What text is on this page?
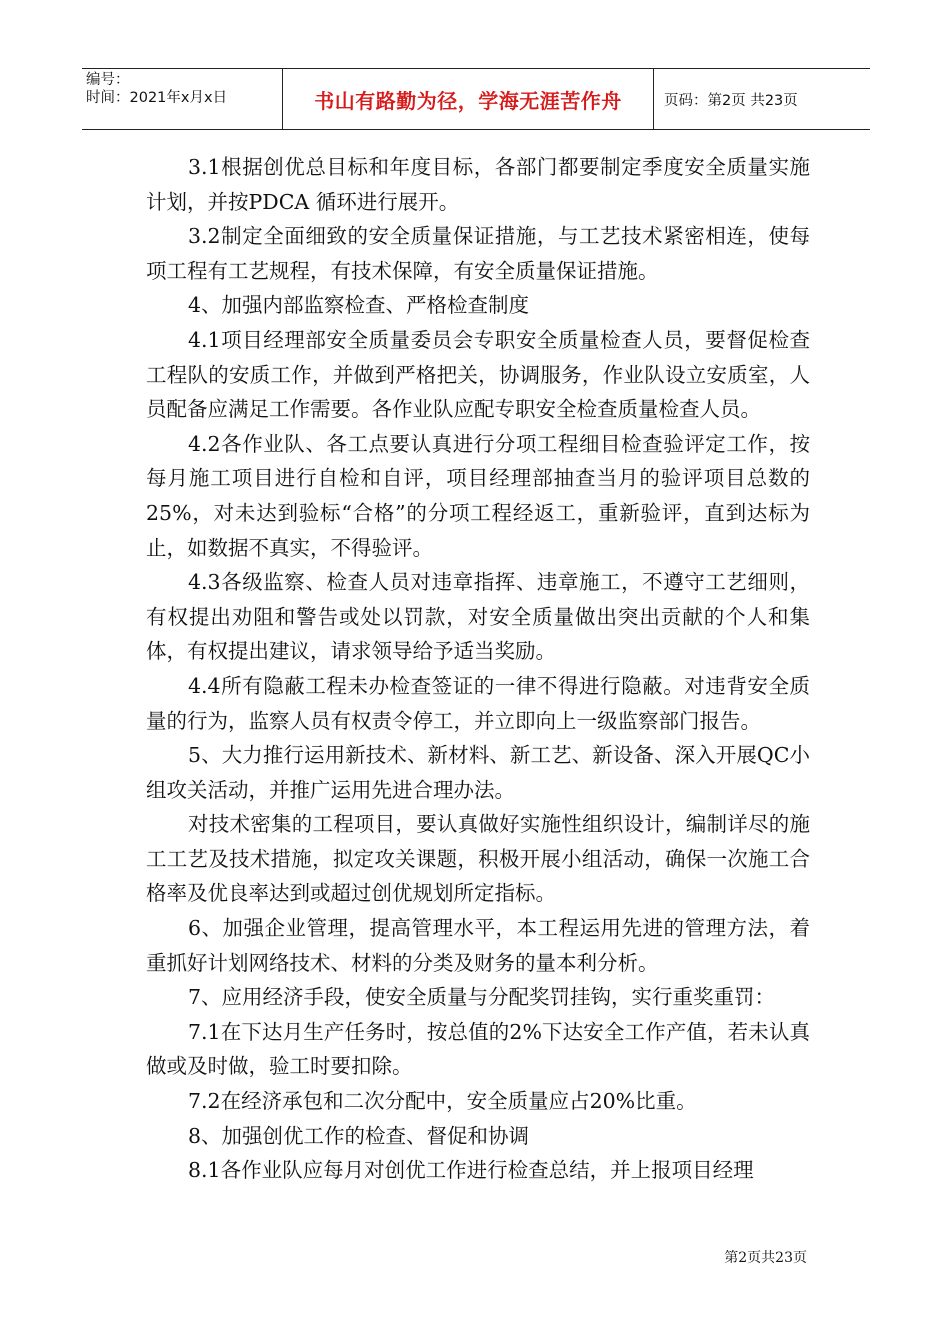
编号：
时间：2021年x月x日	书山有路勤为径，学海无涯苦作舟	页码：第2页 共23页

3.1根据创优总目标和年度目标，各部门都要制定季度安全质量实施计划，并按PDCA 循环进行展开。

3.2制定全面细致的安全质量保证措施，与工艺技术紧密相连，使每项工程有工艺规程，有技术保障，有安全质量保证措施。

4、加强内部监察检查、严格检查制度

4.1项目经理部安全质量委员会专职安全质量检查人员，要督促检查工程队的安质工作，并做到严格把关，协调服务，作业队设立安质室，人员配备应满足工作需要。各作业队应配专职安全检查质量检查人员。

4.2各作业队、各工点要认真进行分项工程细目检查验评定工作，按每月施工项目进行自检和自评，项目经理部抽查当月的验评项目总数的25%，对未达到验标“合格”的分项工程经返工，重新验评，直到达标为止，如数据不真实，不得验评。

4.3各级监察、检查人员对违章指挥、违章施工，不遵守工艺细则，有权提出劝阻和警告或处以罚款，对安全质量做出突出贡献的个人和集体，有权提出建议，请求领导给予适当奖励。

4.4所有隐蔽工程未办检查签证的一律不得进行隐蔽。对违背安全质量的行为，监察人员有权责令停工，并立即向上一级监察部门报告。

5、大力推行运用新技术、新材料、新工艺、新设备、深入开展QC小组攻关活动，并推广运用先进合理办法。

对技术密集的工程项目，要认真做好实施性组织设计，编制详尽的施工工艺及技术措施，拟定攻关课题，积极开展小组活动，确保一次施工合格率及优良率达到或超过创优规划所定指标。

6、加强企业管理，提高管理水平，本工程运用先进的管理方法，着重抓好计划网络技术、材料的分类及财务的量本利分析。

7、应用经济手段，使安全质量与分配奖罚挂钩，实行重奖重罚：

7.1在下达月生产任务时，按总值的2%下达安全工作产值，若未认真做或及时做，验工时要扣除。

7.2在经济承包和二次分配中，安全质量应占20%比重。

8、加强创优工作的检查、督促和协调

8.1各作业队应每月对创优工作进行检查总结，并上报项目经理

第2页共23页
